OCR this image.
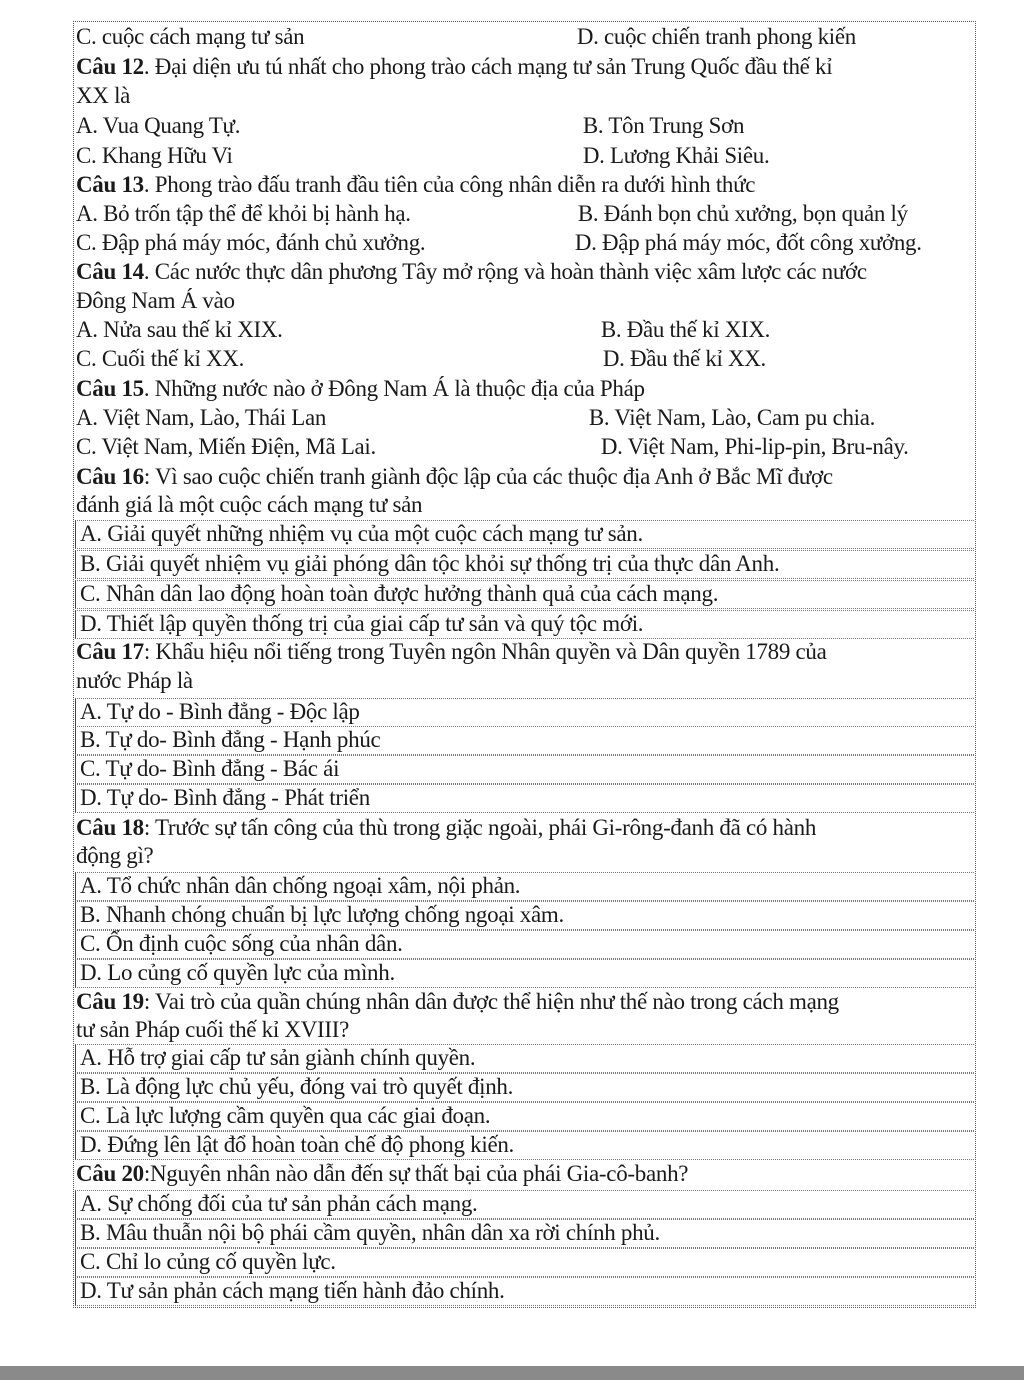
C. cuộc cách mạng tư sản	D. cuộc chiến tranh phong kiến
Câu 12. Đại diện ưu tú nhất cho phong trào cách mạng tư sản Trung Quốc đầu thế kỉ
XX là
A. Vua Quang Tự.	B. Tôn Trung Sơn
C. Khang Hữu Vi	D. Lương Khải Siêu.
Câu 13. Phong trào đấu tranh đầu tiên của công nhân diễn ra dưới hình thức
A. Bỏ trốn tập thể để khỏi bị hành hạ.	B. Đánh bọn chủ xưởng, bọn quản lý
C. Đập phá máy móc, đánh chủ xưởng.	D. Đập phá máy móc, đốt công xưởng.
Câu 14. Các nước thực dân phương Tây mở rộng và hoàn thành việc xâm lược các nước
Đông Nam Á vào
A. Nửa sau thế kỉ XIX.	B. Đầu thế kỉ XIX.
C. Cuối thế kỉ XX.	D. Đầu thế kỉ XX.
Câu 15. Những nước nào ở Đông Nam Á là thuộc địa của Pháp
A. Việt Nam, Lào, Thái Lan	B. Việt Nam, Lào, Cam pu chia.
C. Việt Nam, Miến Điện, Mã Lai.	D. Việt Nam, Phi-lip-pin, Bru-nây.
Câu 16: Vì sao cuộc chiến tranh giành độc lập của các thuộc địa Anh ở Bắc Mĩ được
đánh giá là một cuộc cách mạng tư sản
A. Giải quyết những nhiệm vụ của một cuộc cách mạng tư sản.
B. Giải quyết nhiệm vụ giải phóng dân tộc khỏi sự thống trị của thực dân Anh.
C. Nhân dân lao động hoàn toàn được hưởng thành quả của cách mạng.
D. Thiết lập quyền thống trị của giai cấp tư sản và quý tộc mới.
Câu 17: Khẩu hiệu nổi tiếng trong Tuyên ngôn Nhân quyền và Dân quyền 1789 của
nước Pháp là
A. Tự do - Bình đẳng - Độc lập
B. Tự do- Bình đẳng - Hạnh phúc
C. Tự do- Bình đẳng - Bác ái
D. Tự do- Bình đẳng - Phát triển
Câu 18: Trước sự tấn công của thù trong giặc ngoài, phái Gi-rông-đanh đã có hành
động gì?
A. Tổ chức nhân dân chống ngoại xâm, nội phản.
B. Nhanh chóng chuẩn bị lực lượng chống ngoại xâm.
C. Ổn định cuộc sống của nhân dân.
D. Lo củng cố quyền lực của mình.
Câu 19: Vai trò của quần chúng nhân dân được thể hiện như thế nào trong cách mạng
tư sản Pháp cuối thế kỉ XVIII?
A. Hỗ trợ giai cấp tư sản giành chính quyền.
B. Là động lực chủ yếu, đóng vai trò quyết định.
C. Là lực lượng cầm quyền qua các giai đoạn.
D. Đứng lên lật đổ hoàn toàn chế độ phong kiến.
Câu 20:Nguyên nhân nào dẫn đến sự thất bại của phái Gia-cô-banh?
A. Sự chống đối của tư sản phản cách mạng.
B. Mâu thuẫn nội bộ phái cầm quyền, nhân dân xa rời chính phủ.
C. Chỉ lo củng cố quyền lực.
D. Tư sản phản cách mạng tiến hành đảo chính.
